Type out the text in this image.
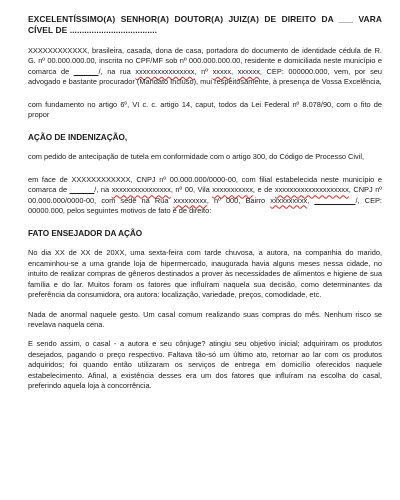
EXCELENTÍSSIMO(A) SENHOR(A) DOUTOR(A) JUIZ(A) DE DIREITO DA ___ VARA CÍVEL DE ....................................

XXXXXXXXXXXX, brasileira, casada, dona de casa, portadora do documento de identidade cédula de R. G. nº 00.000.000.00, inscrita no CPF/MF sob nº 000.000.000.00, residente e domiciliada neste município e comarca de ______/, na rua xxxxxxxxxxxxxxxx, nº xxxxx, xxxxxx, CEP: 000000.000, vem, por seu advogado e bastante procurador (Mandato Incluso), mui respeitosamente, à presença de Vossa Excelência,

com fundamento no artigo 6º, VI c. c. artigo 14, caput, todos da Lei Federal nº 8.078/90, com o fito de propor

AÇÃO DE INDENIZAÇÃO,

com pedido de antecipação de tutela em conformidade com o artigo 300, do Código de Processo Civil,

em face de XXXXXXXXXXXX, CNPJ nº 00.000.000/0000-00, com filial estabelecida neste município e comarca de ______/, na xxxxxxxxxxxxxxxx, nº 00, Vila xxxxxxxxxxx, e de xxxxxxxxxxxxxxxxxxxx, CNPJ nº 00.000.000/0000-00, com sede na Rua xxxxxxxxx, nº 000, Bairro xxxxxxxxxx, __________/, CEP: 00000.000, pelos seguintes motivos de fato e de direito:

FATO ENSEJADOR DA AÇÃO

No dia XX de XX de 20XX, uma sexta-feira com tarde chuvosa, a autora, na companhia do marido, encaminhou-se a uma grande loja de hipermercado, inaugurada havia alguns meses nessa cidade, no intuito de realizar compras de gêneros destinados a prover às necessidades de alimentos e higiene de sua família e do lar. Muitos foram os fatores que influíram naquela sua decisão, como determinantes da preferência da consumidora, ora autora: localização, variedade, preços, comodidade, etc.

Nada de anormal naquele gesto. Um casal comum realizando suas compras do mês. Nenhum risco se revelava naquela cena.

E sendo assim, o casal - a autora e seu cônjuge? atingiu seu objetivo inicial; adquiriram os produtos desejados, pagando o preço respectivo. Faltava tão-só um último ato, retornar ao lar com os produtos adquiridos; foi quando então utilizaram os serviços de entrega em domicílio oferecidos naquele estabelecimento. Afinal, a existência desses era um dos fatores que influíram na escolha do casal, preferindo aquela loja à concorrência.
